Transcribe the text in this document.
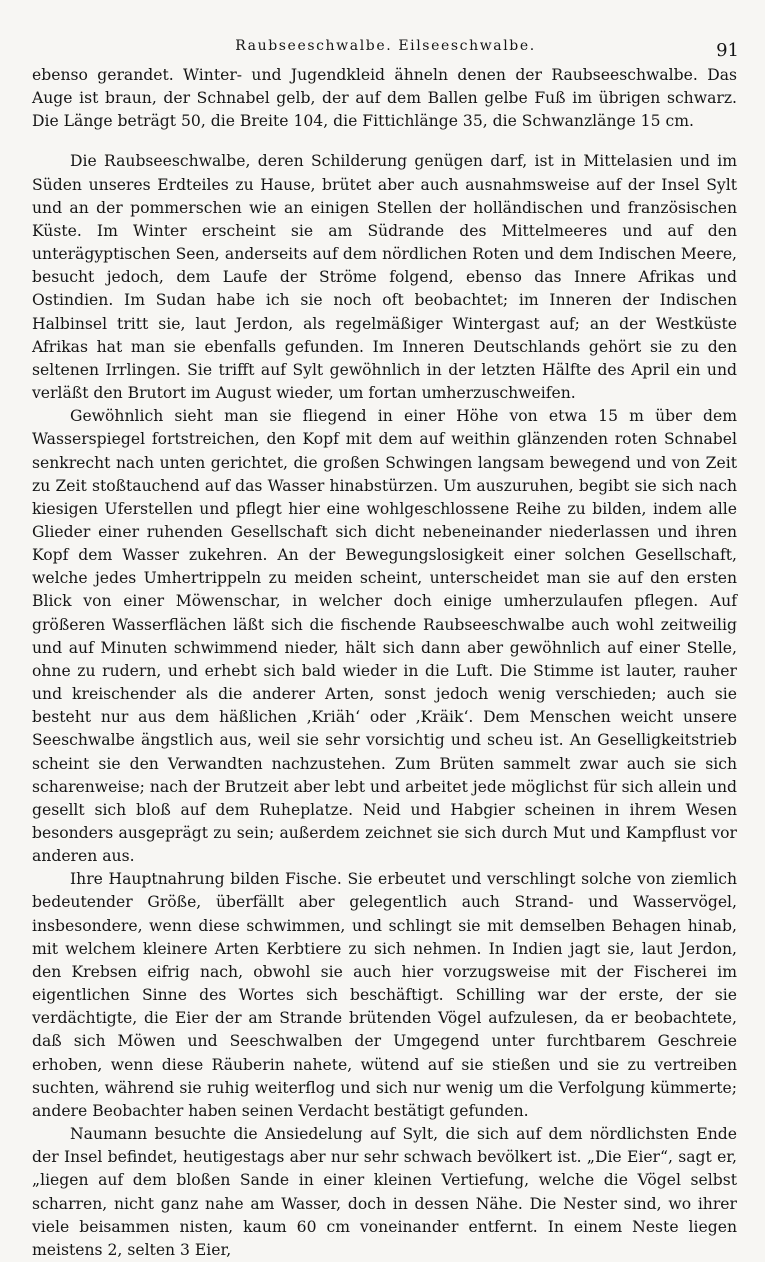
Raubseeschwalbe. Eilseeschwalbe.	91

ebenso gerandet. Winter- und Jugendkleid ähneln denen der Raubseeschwalbe. Das Auge ist braun, der Schnabel gelb, der auf dem Ballen gelbe Fuß im übrigen schwarz. Die Länge beträgt 50, die Breite 104, die Fittichlänge 35, die Schwanzlänge 15 cm.

Die Raubseeschwalbe, deren Schilderung genügen darf, ist in Mittelasien und im Süden unseres Erdteiles zu Hause, brütet aber auch ausnahmsweise auf der Insel Sylt und an der pommerschen wie an einigen Stellen der holländischen und französischen Küste. Im Winter erscheint sie am Südrande des Mittelmeeres und auf den unterägyptischen Seen, anderseits auf dem nördlichen Roten und dem Indischen Meere, besucht jedoch, dem Laufe der Ströme folgend, ebenso das Innere Afrikas und Ostindien. Im Sudan habe ich sie noch oft beobachtet; im Inneren der Indischen Halbinsel tritt sie, laut Jerdon, als regelmäßiger Wintergast auf; an der Westküste Afrikas hat man sie ebenfalls gefunden. Im Inneren Deutschlands gehört sie zu den seltenen Irrlingen. Sie trifft auf Sylt gewöhnlich in der letzten Hälfte des April ein und verläßt den Brutort im August wieder, um fortan umherzuschweifen.

Gewöhnlich sieht man sie fliegend in einer Höhe von etwa 15 m über dem Wasserspiegel fortstreichen, den Kopf mit dem auf weithin glänzenden roten Schnabel senkrecht nach unten gerichtet, die großen Schwingen langsam bewegend und von Zeit zu Zeit stoßtauchend auf das Wasser hinabstürzen. Um auszuruhen, begibt sie sich nach kiesigen Uferstellen und pflegt hier eine wohlgeschlossene Reihe zu bilden, indem alle Glieder einer ruhenden Gesellschaft sich dicht nebeneinander niederlassen und ihren Kopf dem Wasser zukehren. An der Bewegungslosigkeit einer solchen Gesellschaft, welche jedes Umhertrippeln zu meiden scheint, unterscheidet man sie auf den ersten Blick von einer Möwenschar, in welcher doch einige umherzulaufen pflegen. Auf größeren Wasserflächen läßt sich die fischende Raubseeschwalbe auch wohl zeitweilig und auf Minuten schwimmend nieder, hält sich dann aber gewöhnlich auf einer Stelle, ohne zu rudern, und erhebt sich bald wieder in die Luft. Die Stimme ist lauter, rauher und kreischender als die anderer Arten, sonst jedoch wenig verschieden; auch sie besteht nur aus dem häßlichen ‚Kriäh‘ oder ‚Kräik‘. Dem Menschen weicht unsere Seeschwalbe ängstlich aus, weil sie sehr vorsichtig und scheu ist. An Geselligkeitstrieb scheint sie den Verwandten nachzustehen. Zum Brüten sammelt zwar auch sie sich scharenweise; nach der Brutzeit aber lebt und arbeitet jede möglichst für sich allein und gesellt sich bloß auf dem Ruheplatze. Neid und Habgier scheinen in ihrem Wesen besonders ausgeprägt zu sein; außerdem zeichnet sie sich durch Mut und Kampflust vor anderen aus.

Ihre Hauptnahrung bilden Fische. Sie erbeutet und verschlingt solche von ziemlich bedeutender Größe, überfällt aber gelegentlich auch Strand- und Wasservögel, insbesondere, wenn diese schwimmen, und schlingt sie mit demselben Behagen hinab, mit welchem kleinere Arten Kerbtiere zu sich nehmen. In Indien jagt sie, laut Jerdon, den Krebsen eifrig nach, obwohl sie auch hier vorzugsweise mit der Fischerei im eigentlichen Sinne des Wortes sich beschäftigt. Schilling war der erste, der sie verdächtigte, die Eier der am Strande brütenden Vögel aufzulesen, da er beobachtete, daß sich Möwen und Seeschwalben der Umgegend unter furchtbarem Geschreie erhoben, wenn diese Räuberin nahete, wütend auf sie stießen und sie zu vertreiben suchten, während sie ruhig weiterflog und sich nur wenig um die Verfolgung kümmerte; andere Beobachter haben seinen Verdacht bestätigt gefunden.

Naumann besuchte die Ansiedelung auf Sylt, die sich auf dem nördlichsten Ende der Insel befindet, heutigestags aber nur sehr schwach bevölkert ist. „Die Eier“, sagt er, „liegen auf dem bloßen Sande in einer kleinen Vertiefung, welche die Vögel selbst scharren, nicht ganz nahe am Wasser, doch in dessen Nähe. Die Nester sind, wo ihrer viele beisammen nisten, kaum 60 cm voneinander entfernt. In einem Neste liegen meistens 2, selten 3 Eier,
